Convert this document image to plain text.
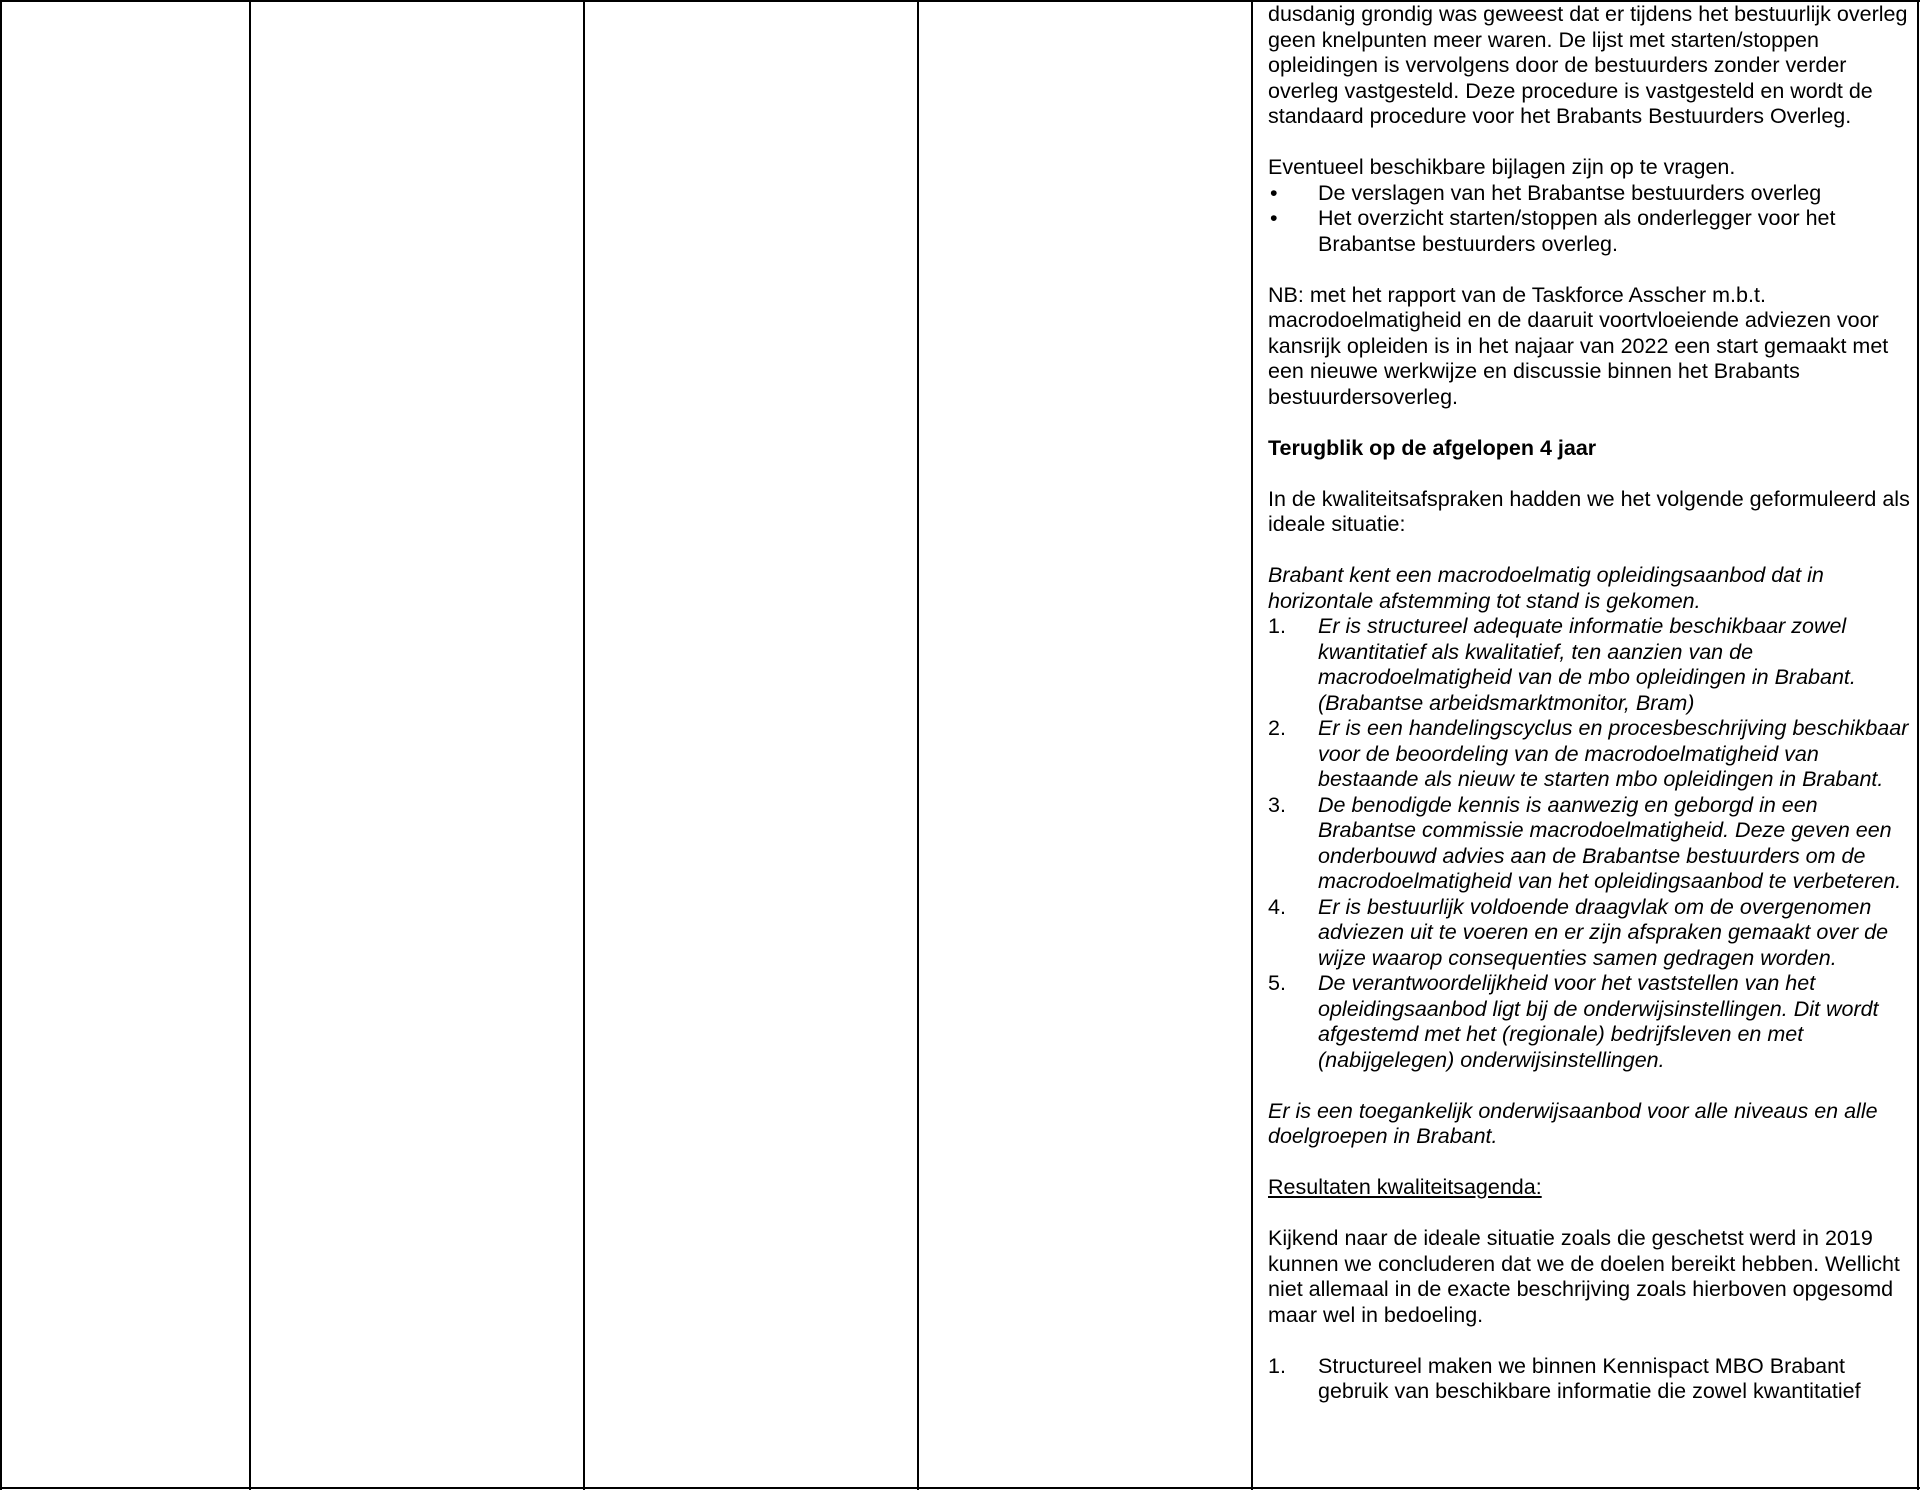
dusdanig grondig was geweest dat er tijdens het bestuurlijk overleg geen knelpunten meer waren. De lijst met starten/stoppen opleidingen is vervolgens door de bestuurders zonder verder overleg vastgesteld. Deze procedure is vastgesteld en wordt de standaard procedure voor het Brabants Bestuurders Overleg.

Eventueel beschikbare bijlagen zijn op te vragen.

• De verslagen van het Brabantse bestuurders overleg
• Het overzicht starten/stoppen als onderlegger voor het Brabantse bestuurders overleg.

NB: met het rapport van de Taskforce Asscher m.b.t. macrodoelmatigheid en de daaruit voortvloeiende adviezen voor kansrijk opleiden is in het najaar van 2022 een start gemaakt met een nieuwe werkwijze en discussie binnen het Brabants bestuurdersoverleg.

Terugblik op de afgelopen 4 jaar

In de kwaliteitsafspraken hadden we het volgende geformuleerd als ideale situatie:

Brabant kent een macrodoelmatig opleidingsaanbod dat in horizontale afstemming tot stand is gekomen.

1. Er is structureel adequate informatie beschikbaar zowel kwantitatief als kwalitatief, ten aanzien van de macrodoelmatigheid van de mbo opleidingen in Brabant. (Brabantse arbeidsmarktmonitor, Bram)
2. Er is een handelingscyclus en procesbeschrijving beschikbaar voor de beoordeling van de macrodoelmatigheid van bestaande als nieuw te starten mbo opleidingen in Brabant.
3. De benodigde kennis is aanwezig en geborgd in een Brabantse commissie macrodoelmatigheid. Deze geven een onderbouwd advies aan de Brabantse bestuurders om de macrodoelmatigheid van het opleidingsaanbod te verbeteren.
4. Er is bestuurlijk voldoende draagvlak om de overgenomen adviezen uit te voeren en er zijn afspraken gemaakt over de wijze waarop consequenties samen gedragen worden.
5. De verantwoordelijkheid voor het vaststellen van het opleidingsaanbod ligt bij de onderwijsinstellingen. Dit wordt afgestemd met het (regionale) bedrijfsleven en met (nabijgelegen) onderwijsinstellingen.

Er is een toegankelijk onderwijsaanbod voor alle niveaus en alle doelgroepen in Brabant.

Resultaten kwaliteitsagenda:

Kijkend naar de ideale situatie zoals die geschetst werd in 2019 kunnen we concluderen dat we de doelen bereikt hebben. Wellicht niet allemaal in de exacte beschrijving zoals hierboven opgesomd maar wel in bedoeling.

1. Structureel maken we binnen Kennispact MBO Brabant gebruik van beschikbare informatie die zowel kwantitatief
